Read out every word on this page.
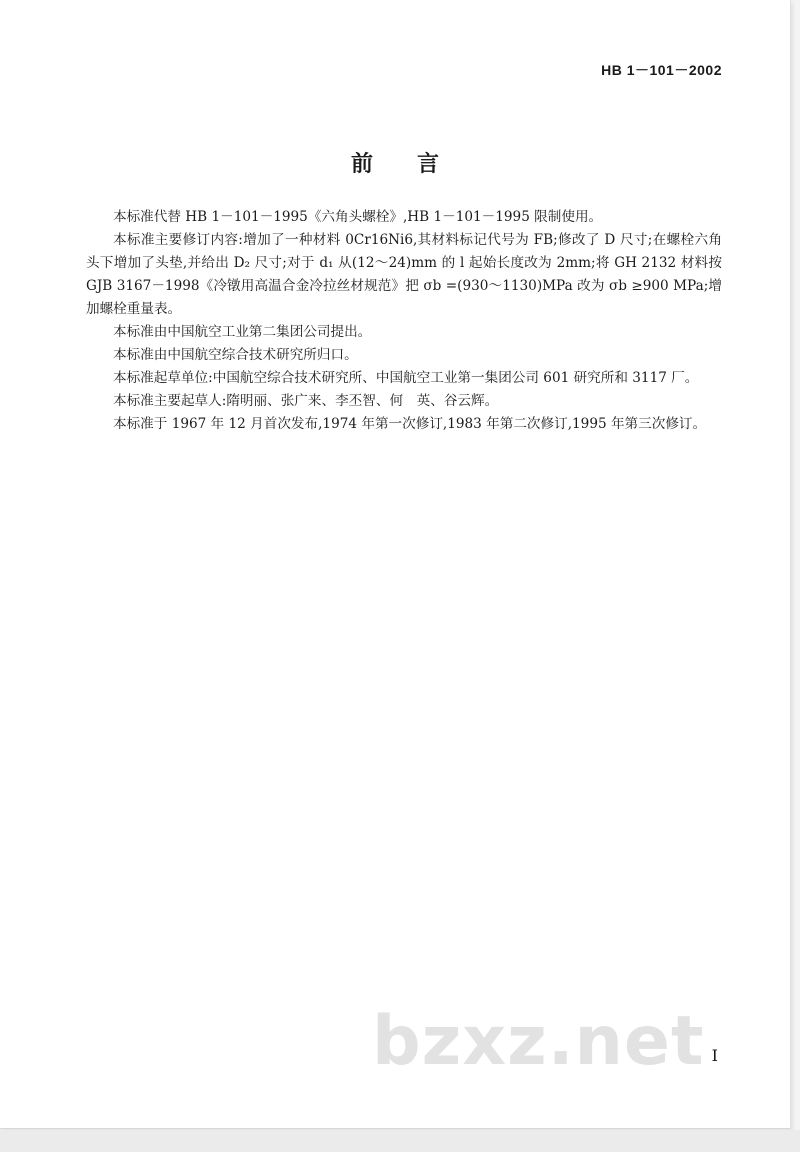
HB 1－101－2002
前 言

本标准代替 HB 1－101－1995《六角头螺栓》,HB 1－101－1995 限制使用。

本标准主要修订内容:增加了一种材料 0Cr16Ni6,其材料标记代号为 FB;修改了 D 尺寸;在螺栓六角头下增加了头垫,并给出 D₂ 尺寸;对于 d₁ 从(12～24)mm 的 l 起始长度改为 2mm;将 GH 2132 材料按 GJB 3167－1998《冷镦用高温合金冷拉丝材规范》把 σb =(930～1130)MPa 改为 σb ≥900 MPa;增加螺栓重量表。

本标准由中国航空工业第二集团公司提出。

本标准由中国航空综合技术研究所归口。

本标准起草单位:中国航空综合技术研究所、中国航空工业第一集团公司 601 研究所和 3117 厂。

本标准主要起草人:隋明丽、张广来、李丕智、何　英、谷云辉。

本标准于 1967 年 12 月首次发布,1974 年第一次修订,1983 年第二次修订,1995 年第三次修订。

bzxz.net I
